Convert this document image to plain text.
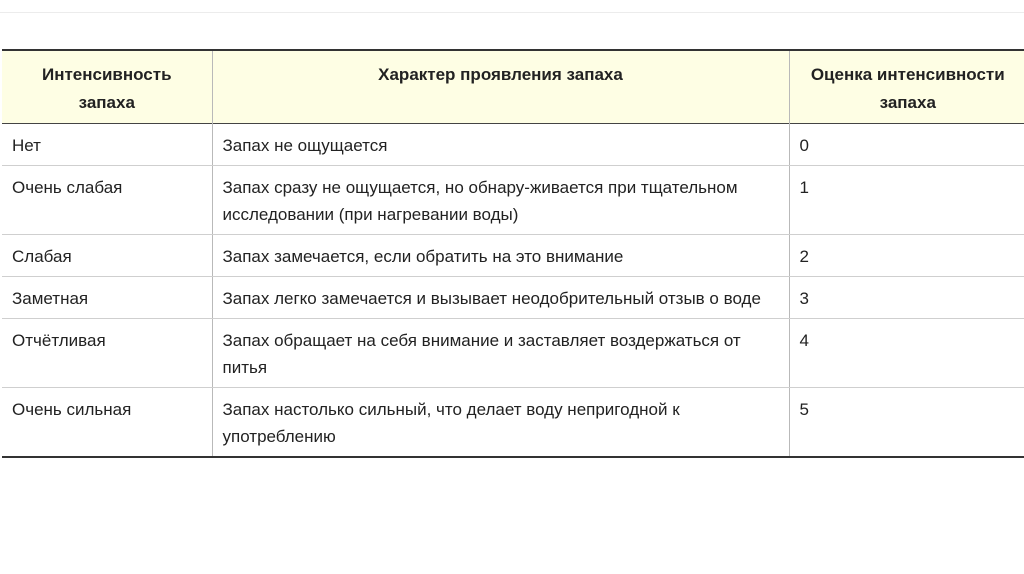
Интенсивность запаха	Характер проявления запаха	Оценка интенсивности запаха
Нет	Запах не ощущается	0
Очень слабая	Запах сразу не ощущается, но обнару-живается при тщательном исследовании (при нагревании воды)	1
Слабая	Запах замечается, если обратить на это внимание	2
Заметная	Запах легко замечается и вызывает неодобрительный отзыв о воде	3
Отчётливая	Запах обращает на себя внимание и заставляет воздержаться от питья	4
Очень сильная	Запах настолько сильный, что делает воду непригодной к употреблению	5
